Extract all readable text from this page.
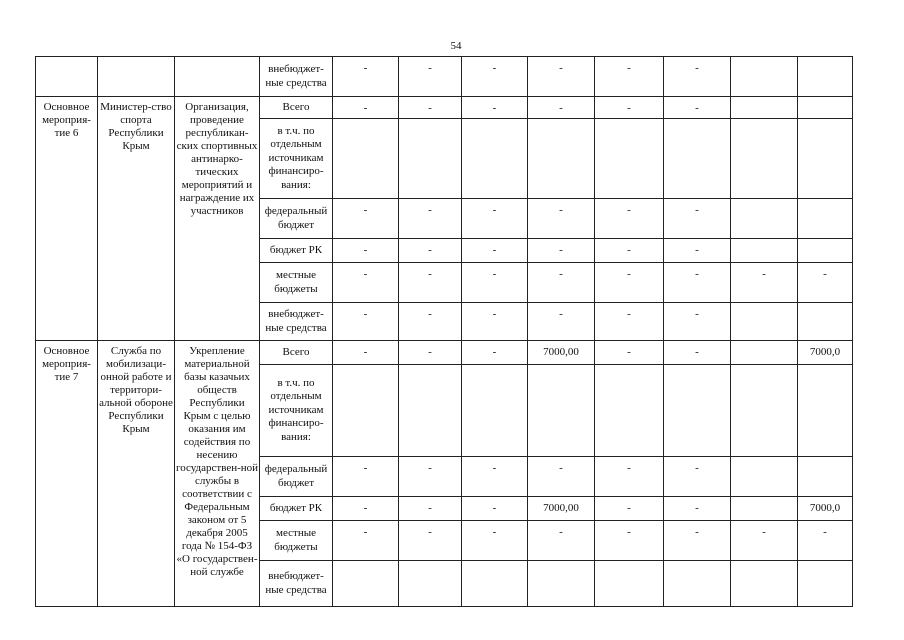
54
			внебюджет-ные средства	-	-	-	-	-	-		
Основное мероприя-тие 6	Министер-ство спорта Республики Крым	Организация, проведение республикан-ских спортивных антинарко-тических мероприятий и награждение их участников	Всего	-	-	-	-	-	-		
			в т.ч. по отдельным источникам финансиро-вания:								
			федеральный бюджет	-	-	-	-	-	-		
			бюджет РК	-	-	-	-	-	-		
			местные бюджеты	-	-	-	-	-	-	-	-
			внебюджет-ные средства	-	-	-	-	-	-		
Основное мероприя-тие 7	Служба по мобилизаци-онной работе и территори-альной обороне Республики Крым	Укрепление материальной базы казачьих обществ Республики Крым с целью оказания им содействия по несению государствен-ной службы в соответствии с Федеральным законом от 5 декабря 2005 года № 154-ФЗ «О государствен-ной службе	Всего	-	-	-	7000,00	-	-		7000,0
			в т.ч. по отдельным источникам финансиро-вания:								
			федеральный бюджет	-	-	-	-	-	-		
			бюджет РК	-	-	-	7000,00	-	-		7000,0
			местные бюджеты	-	-	-	-	-	-	-	-
			внебюджет-ные средства								
